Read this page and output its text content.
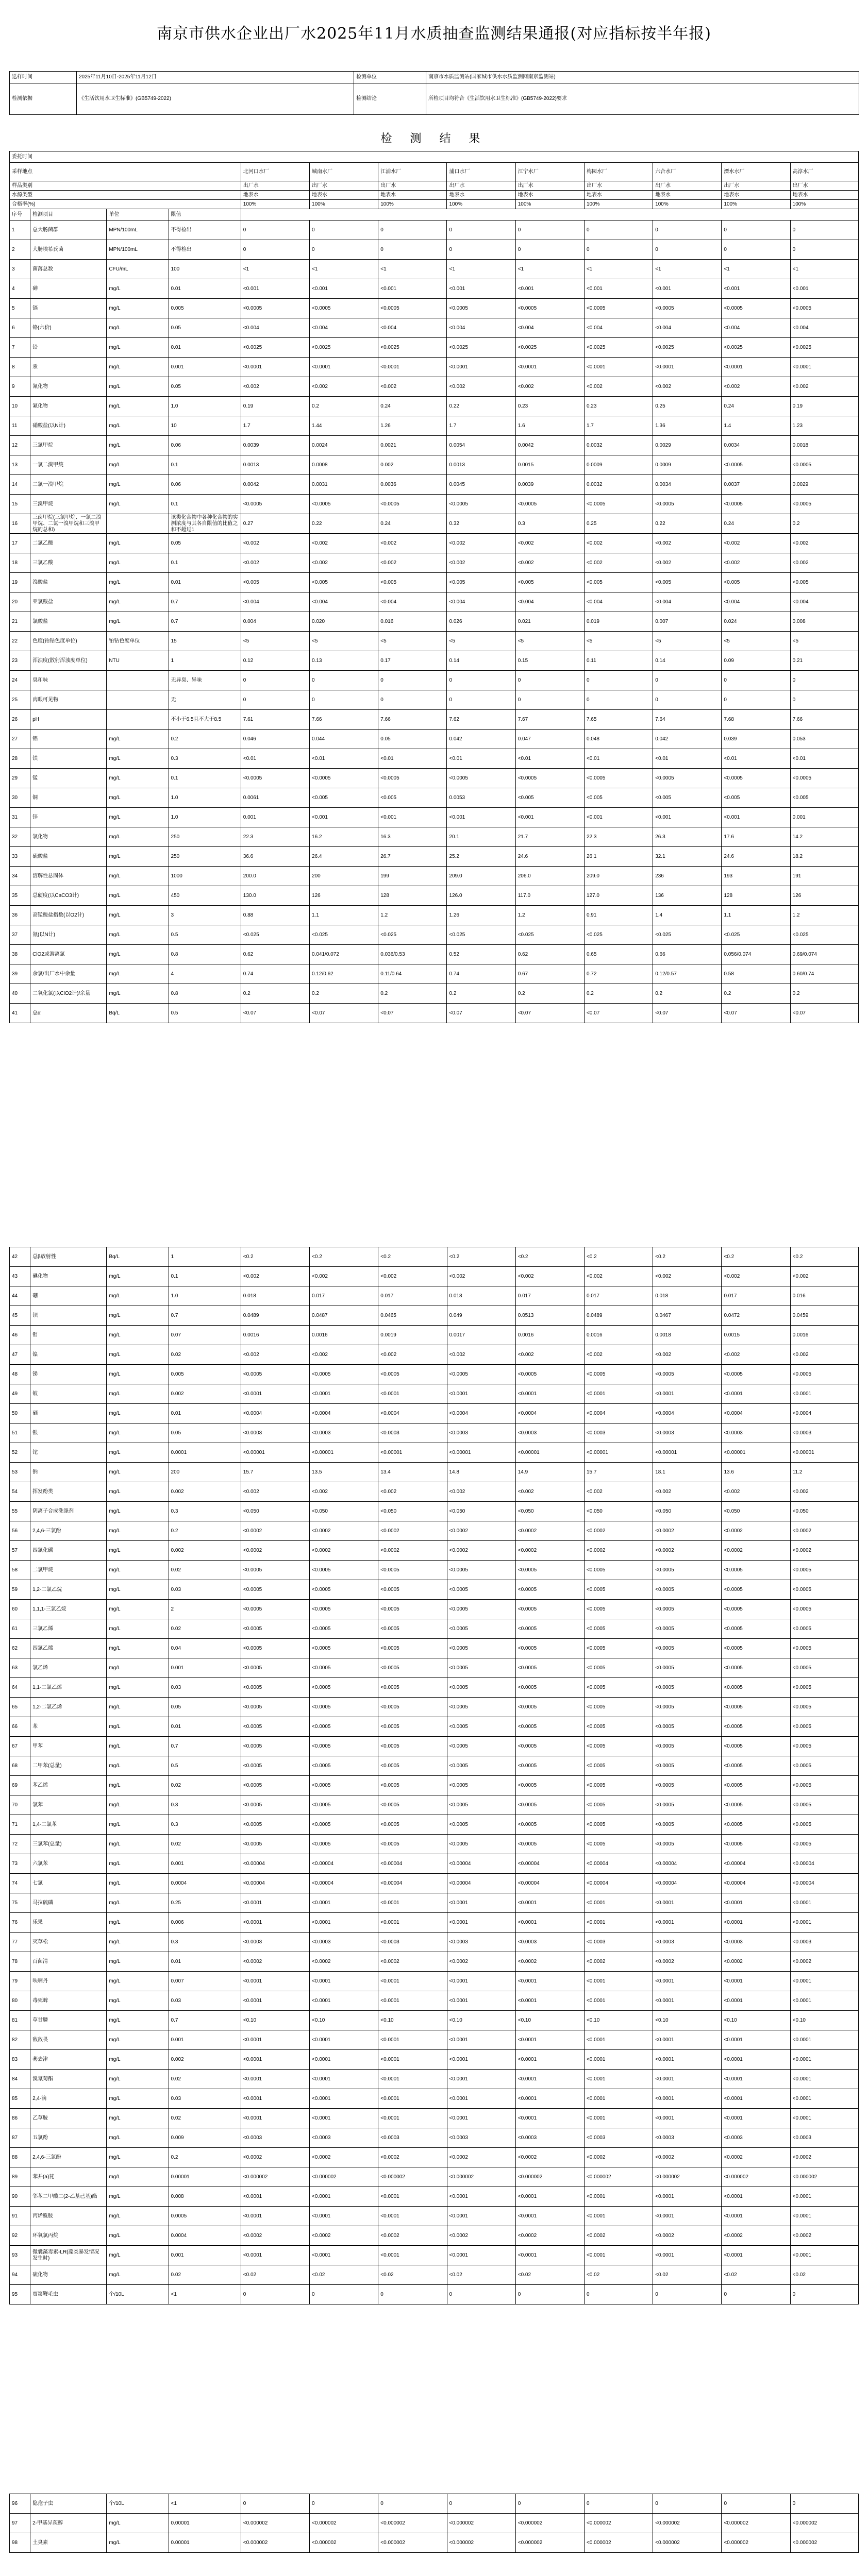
南京市供水企业出厂水2025年11月水质抽查监测结果通报(对应指标按半年报)
送样时间	2025年11月10日-2025年11月12日	检测单位	南京市水质监测站(国家城市供水水质监测网南京监测站)
检测依据	《生活饮用水卫生标准》(GB5749-2022)	检测结论	所检项目均符合《生活饮用水卫生标准》(GB5749-2022)要求
检 测 结 果
委托时间												
采样地点				北河口水厂	城南水厂	江浦水厂	浦口水厂	江宁水厂	梅园水厂	六合水厂	溧水水厂	高淳水厂
样品类别				出厂水	出厂水	出厂水	出厂水	出厂水	出厂水	出厂水	出厂水	出厂水
水源类型				地表水	地表水	地表水	地表水	地表水	地表水	地表水	地表水	地表水
合格率(%)				100%	100%	100%	100%	100%	100%	100%	100%	100%
序号	检测项目	单位	限值									
1	总大肠菌群	MPN/100mL	不得检出	0	0	0	0	0	0	0	0	0
2	大肠埃希氏菌	MPN/100mL	不得检出	0	0	0	0	0	0	0	0	0
3	菌落总数	CFU/mL	100	<1	<1	<1	<1	<1	<1	<1	<1	<1
4	砷	mg/L	0.01	<0.001	<0.001	<0.001	<0.001	<0.001	<0.001	<0.001	<0.001	<0.001
5	镉	mg/L	0.005	<0.0005	<0.0005	<0.0005	<0.0005	<0.0005	<0.0005	<0.0005	<0.0005	<0.0005
6	铬(六价)	mg/L	0.05	<0.004	<0.004	<0.004	<0.004	<0.004	<0.004	<0.004	<0.004	<0.004
7	铅	mg/L	0.01	<0.0025	<0.0025	<0.0025	<0.0025	<0.0025	<0.0025	<0.0025	<0.0025	<0.0025
8	汞	mg/L	0.001	<0.0001	<0.0001	<0.0001	<0.0001	<0.0001	<0.0001	<0.0001	<0.0001	<0.0001
9	氰化物	mg/L	0.05	<0.002	<0.002	<0.002	<0.002	<0.002	<0.002	<0.002	<0.002	<0.002
10	氟化物	mg/L	1.0	0.19	0.2	0.24	0.22	0.23	0.23	0.25	0.24	0.19
11	硝酸盐(以N计)	mg/L	10	1.7	1.44	1.26	1.7	1.6	1.7	1.36	1.4	1.23
12	三氯甲烷	mg/L	0.06	0.0039	0.0024	0.0021	0.0054	0.0042	0.0032	0.0029	0.0034	0.0018
13	一氯二溴甲烷	mg/L	0.1	0.0013	0.0008	0.002	0.0013	0.0015	0.0009	0.0009	<0.0005	<0.0005
14	二氯一溴甲烷	mg/L	0.06	0.0042	0.0031	0.0036	0.0045	0.0039	0.0032	0.0034	0.0037	0.0029
15	三溴甲烷	mg/L	0.1	<0.0005	<0.0005	<0.0005	<0.0005	<0.0005	<0.0005	<0.0005	<0.0005	<0.0005
16	三卤甲烷(三氯甲烷、一氯二溴甲烷、二氯一溴甲烷和三溴甲烷的总和)		该类化合物中各种化合物的实测浓度与其各自限值的比值之和不超过1	0.27	0.22	0.24	0.32	0.3	0.25	0.22	0.24	0.2
17	二氯乙酸	mg/L	0.05	<0.002	<0.002	<0.002	<0.002	<0.002	<0.002	<0.002	<0.002	<0.002
18	三氯乙酸	mg/L	0.1	<0.002	<0.002	<0.002	<0.002	<0.002	<0.002	<0.002	<0.002	<0.002
19	溴酸盐	mg/L	0.01	<0.005	<0.005	<0.005	<0.005	<0.005	<0.005	<0.005	<0.005	<0.005
20	亚氯酸盐	mg/L	0.7	<0.004	<0.004	<0.004	<0.004	<0.004	<0.004	<0.004	<0.004	<0.004
21	氯酸盐	mg/L	0.7	0.004	0.020	0.016	0.026	0.021	0.019	0.007	0.024	0.008
22	色度(铂钴色度单位)	铂钴色度单位	15	<5	<5	<5	<5	<5	<5	<5	<5	<5
23	浑浊度(散射浑浊度单位)	NTU	1	0.12	0.13	0.17	0.14	0.15	0.11	0.14	0.09	0.21
24	臭和味		无异臭、异味	0	0	0	0	0	0	0	0	0
25	肉眼可见物		无	0	0	0	0	0	0	0	0	0
26	pH		不小于6.5且不大于8.5	7.61	7.66	7.66	7.62	7.67	7.65	7.64	7.68	7.66
27	铝	mg/L	0.2	0.046	0.044	0.05	0.042	0.047	0.048	0.042	0.039	0.053
28	铁	mg/L	0.3	<0.01	<0.01	<0.01	<0.01	<0.01	<0.01	<0.01	<0.01	<0.01
29	锰	mg/L	0.1	<0.0005	<0.0005	<0.0005	<0.0005	<0.0005	<0.0005	<0.0005	<0.0005	<0.0005
30	铜	mg/L	1.0	0.0061	<0.005	<0.005	0.0053	<0.005	<0.005	<0.005	<0.005	<0.005
31	锌	mg/L	1.0	0.001	<0.001	<0.001	<0.001	<0.001	<0.001	<0.001	<0.001	0.001
32	氯化物	mg/L	250	22.3	16.2	16.3	20.1	21.7	22.3	26.3	17.6	14.2
33	硫酸盐	mg/L	250	36.6	26.4	26.7	25.2	24.6	26.1	32.1	24.6	18.2
34	溶解性总固体	mg/L	1000	200.0	200	199	209.0	206.0	209.0	236	193	191
35	总硬度(以CaCO3计)	mg/L	450	130.0	126	128	126.0	117.0	127.0	136	128	126
36	高锰酸盐指数(以O2计)	mg/L	3	0.88	1.1	1.2	1.26	1.2	0.91	1.4	1.1	1.2
37	氨(以N计)	mg/L	0.5	<0.025	<0.025	<0.025	<0.025	<0.025	<0.025	<0.025	<0.025	<0.025
38	ClO2或游离氯	mg/L	0.8	0.62	0.041/0.072	0.036/0.53	0.52	0.62	0.65	0.66	0.056/0.074	0.69/0.074
39	余氯/出厂水中余量	mg/L	4	0.74	0.12/0.62	0.11/0.64	0.74	0.67	0.72	0.12/0.57	0.58	0.60/0.74
40	二氧化氯(以ClO2计)/余量	mg/L	0.8	0.2	0.2	0.2	0.2	0.2	0.2	0.2	0.2	0.2
41	总α	Bq/L	0.5	<0.07	<0.07	<0.07	<0.07	<0.07	<0.07	<0.07	<0.07	<0.07
42	总β放射性	Bq/L	1	<0.2	<0.2	<0.2	<0.2	<0.2	<0.2	<0.2	<0.2	<0.2
43	碘化物	mg/L	0.1	<0.002	<0.002	<0.002	<0.002	<0.002	<0.002	<0.002	<0.002	<0.002
44	硼	mg/L	1.0	0.018	0.017	0.017	0.018	0.017	0.017	0.018	0.017	0.016
45	钡	mg/L	0.7	0.0489	0.0487	0.0465	0.049	0.0513	0.0489	0.0467	0.0472	0.0459
46	钼	mg/L	0.07	0.0016	0.0016	0.0019	0.0017	0.0016	0.0016	0.0018	0.0015	0.0016
47	镍	mg/L	0.02	<0.002	<0.002	<0.002	<0.002	<0.002	<0.002	<0.002	<0.002	<0.002
48	锑	mg/L	0.005	<0.0005	<0.0005	<0.0005	<0.0005	<0.0005	<0.0005	<0.0005	<0.0005	<0.0005
49	铍	mg/L	0.002	<0.0001	<0.0001	<0.0001	<0.0001	<0.0001	<0.0001	<0.0001	<0.0001	<0.0001
50	硒	mg/L	0.01	<0.0004	<0.0004	<0.0004	<0.0004	<0.0004	<0.0004	<0.0004	<0.0004	<0.0004
51	银	mg/L	0.05	<0.0003	<0.0003	<0.0003	<0.0003	<0.0003	<0.0003	<0.0003	<0.0003	<0.0003
52	铊	mg/L	0.0001	<0.00001	<0.00001	<0.00001	<0.00001	<0.00001	<0.00001	<0.00001	<0.00001	<0.00001
53	钠	mg/L	200	15.7	13.5	13.4	14.8	14.9	15.7	18.1	13.6	11.2
54	挥发酚类	mg/L	0.002	<0.002	<0.002	<0.002	<0.002	<0.002	<0.002	<0.002	<0.002	<0.002
55	阴离子合成洗涤剂	mg/L	0.3	<0.050	<0.050	<0.050	<0.050	<0.050	<0.050	<0.050	<0.050	<0.050
56	2,4,6-三氯酚	mg/L	0.2	<0.0002	<0.0002	<0.0002	<0.0002	<0.0002	<0.0002	<0.0002	<0.0002	<0.0002
57	四氯化碳	mg/L	0.002	<0.0002	<0.0002	<0.0002	<0.0002	<0.0002	<0.0002	<0.0002	<0.0002	<0.0002
58	二氯甲烷	mg/L	0.02	<0.0005	<0.0005	<0.0005	<0.0005	<0.0005	<0.0005	<0.0005	<0.0005	<0.0005
59	1,2-二氯乙烷	mg/L	0.03	<0.0005	<0.0005	<0.0005	<0.0005	<0.0005	<0.0005	<0.0005	<0.0005	<0.0005
60	1,1,1-三氯乙烷	mg/L	2	<0.0005	<0.0005	<0.0005	<0.0005	<0.0005	<0.0005	<0.0005	<0.0005	<0.0005
61	三氯乙烯	mg/L	0.02	<0.0005	<0.0005	<0.0005	<0.0005	<0.0005	<0.0005	<0.0005	<0.0005	<0.0005
62	四氯乙烯	mg/L	0.04	<0.0005	<0.0005	<0.0005	<0.0005	<0.0005	<0.0005	<0.0005	<0.0005	<0.0005
63	氯乙烯	mg/L	0.001	<0.0005	<0.0005	<0.0005	<0.0005	<0.0005	<0.0005	<0.0005	<0.0005	<0.0005
64	1,1-二氯乙烯	mg/L	0.03	<0.0005	<0.0005	<0.0005	<0.0005	<0.0005	<0.0005	<0.0005	<0.0005	<0.0005
65	1,2-二氯乙烯	mg/L	0.05	<0.0005	<0.0005	<0.0005	<0.0005	<0.0005	<0.0005	<0.0005	<0.0005	<0.0005
66	苯	mg/L	0.01	<0.0005	<0.0005	<0.0005	<0.0005	<0.0005	<0.0005	<0.0005	<0.0005	<0.0005
67	甲苯	mg/L	0.7	<0.0005	<0.0005	<0.0005	<0.0005	<0.0005	<0.0005	<0.0005	<0.0005	<0.0005
68	二甲苯(总量)	mg/L	0.5	<0.0005	<0.0005	<0.0005	<0.0005	<0.0005	<0.0005	<0.0005	<0.0005	<0.0005
69	苯乙烯	mg/L	0.02	<0.0005	<0.0005	<0.0005	<0.0005	<0.0005	<0.0005	<0.0005	<0.0005	<0.0005
70	氯苯	mg/L	0.3	<0.0005	<0.0005	<0.0005	<0.0005	<0.0005	<0.0005	<0.0005	<0.0005	<0.0005
71	1,4-二氯苯	mg/L	0.3	<0.0005	<0.0005	<0.0005	<0.0005	<0.0005	<0.0005	<0.0005	<0.0005	<0.0005
72	三氯苯(总量)	mg/L	0.02	<0.0005	<0.0005	<0.0005	<0.0005	<0.0005	<0.0005	<0.0005	<0.0005	<0.0005
73	六氯苯	mg/L	0.001	<0.00004	<0.00004	<0.00004	<0.00004	<0.00004	<0.00004	<0.00004	<0.00004	<0.00004
74	七氯	mg/L	0.0004	<0.00004	<0.00004	<0.00004	<0.00004	<0.00004	<0.00004	<0.00004	<0.00004	<0.00004
75	马拉硫磷	mg/L	0.25	<0.0001	<0.0001	<0.0001	<0.0001	<0.0001	<0.0001	<0.0001	<0.0001	<0.0001
76	乐果	mg/L	0.006	<0.0001	<0.0001	<0.0001	<0.0001	<0.0001	<0.0001	<0.0001	<0.0001	<0.0001
77	灭草松	mg/L	0.3	<0.0003	<0.0003	<0.0003	<0.0003	<0.0003	<0.0003	<0.0003	<0.0003	<0.0003
78	百菌清	mg/L	0.01	<0.0002	<0.0002	<0.0002	<0.0002	<0.0002	<0.0002	<0.0002	<0.0002	<0.0002
79	呋喃丹	mg/L	0.007	<0.0001	<0.0001	<0.0001	<0.0001	<0.0001	<0.0001	<0.0001	<0.0001	<0.0001
80	毒死蜱	mg/L	0.03	<0.0001	<0.0001	<0.0001	<0.0001	<0.0001	<0.0001	<0.0001	<0.0001	<0.0001
81	草甘膦	mg/L	0.7	<0.10	<0.10	<0.10	<0.10	<0.10	<0.10	<0.10	<0.10	<0.10
82	敌敌畏	mg/L	0.001	<0.0001	<0.0001	<0.0001	<0.0001	<0.0001	<0.0001	<0.0001	<0.0001	<0.0001
83	莠去津	mg/L	0.002	<0.0001	<0.0001	<0.0001	<0.0001	<0.0001	<0.0001	<0.0001	<0.0001	<0.0001
84	溴氰菊酯	mg/L	0.02	<0.0001	<0.0001	<0.0001	<0.0001	<0.0001	<0.0001	<0.0001	<0.0001	<0.0001
85	2,4-滴	mg/L	0.03	<0.0001	<0.0001	<0.0001	<0.0001	<0.0001	<0.0001	<0.0001	<0.0001	<0.0001
86	乙草胺	mg/L	0.02	<0.0001	<0.0001	<0.0001	<0.0001	<0.0001	<0.0001	<0.0001	<0.0001	<0.0001
87	五氯酚	mg/L	0.009	<0.0003	<0.0003	<0.0003	<0.0003	<0.0003	<0.0003	<0.0003	<0.0003	<0.0003
88	2,4,6-三氯酚	mg/L	0.2	<0.0002	<0.0002	<0.0002	<0.0002	<0.0002	<0.0002	<0.0002	<0.0002	<0.0002
89	苯并(a)芘	mg/L	0.00001	<0.000002	<0.000002	<0.000002	<0.000002	<0.000002	<0.000002	<0.000002	<0.000002	<0.000002
90	邻苯二甲酸二(2-乙基己基)酯	mg/L	0.008	<0.0001	<0.0001	<0.0001	<0.0001	<0.0001	<0.0001	<0.0001	<0.0001	<0.0001
91	丙烯酰胺	mg/L	0.0005	<0.0001	<0.0001	<0.0001	<0.0001	<0.0001	<0.0001	<0.0001	<0.0001	<0.0001
92	环氧氯丙烷	mg/L	0.0004	<0.0002	<0.0002	<0.0002	<0.0002	<0.0002	<0.0002	<0.0002	<0.0002	<0.0002
93	微囊藻毒素-LR(藻类暴发情况发生时)	mg/L	0.001	<0.0001	<0.0001	<0.0001	<0.0001	<0.0001	<0.0001	<0.0001	<0.0001	<0.0001
94	硫化物	mg/L	0.02	<0.02	<0.02	<0.02	<0.02	<0.02	<0.02	<0.02	<0.02	<0.02
95	贾第鞭毛虫	个/10L	<1	0	0	0	0	0	0	0	0	0
96	隐孢子虫	个/10L	<1	0	0	0	0	0	0	0	0	0
97	2-甲基异莰醇	mg/L	0.00001	<0.000002	<0.000002	<0.000002	<0.000002	<0.000002	<0.000002	<0.000002	<0.000002	<0.000002
98	土臭素	mg/L	0.00001	<0.000002	<0.000002	<0.000002	<0.000002	<0.000002	<0.000002	<0.000002	<0.000002	<0.000002
